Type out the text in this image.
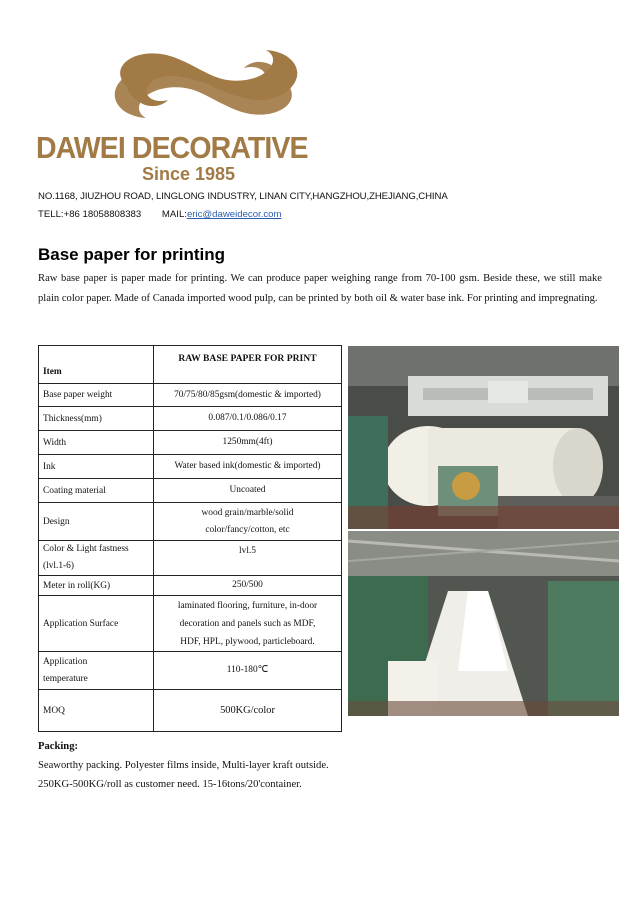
DAWEI DECORATIVE
Since 1985
NO.1168, JIUZHOU ROAD, LINGLONG INDUSTRY, LINAN CITY,HANGZHOU,ZHEJIANG,CHINA
TELL:+86 18058808383 MAIL:eric@daweidecor.com
Base paper for printing
Raw base paper is paper made for printing. We can produce paper weighing range from 70-100 gsm. Beside these, we still make plain color paper. Made of Canada imported wood pulp, can be printed by both oil & water base ink. For printing and impregnating.
Item	RAW BASE PAPER FOR PRINT
Base paper weight	70/75/80/85gsm(domestic & imported)
Thickness(mm)	0.087/0.1/0.086/0.17
Width	1250mm(4ft)
Ink	Water based ink(domestic & imported)
Coating material	Uncoated
Design	wood grain/marble/solid
color/fancy/cotton, etc

Color & Light fastness
(lvl.1-6)	lvl.5
Meter in roll(KG)	250/500
Application Surface	laminated flooring, furniture, in-door
decoration and panels such as MDF,
HDF, HPL, plywood, particleboard.

Application
temperature	110-180℃
MOQ	500KG/color
Packing:
Seaworthy packing. Polyester films inside, Multi-layer kraft outside.
250KG-500KG/roll as customer need. 15-16tons/20'container.
